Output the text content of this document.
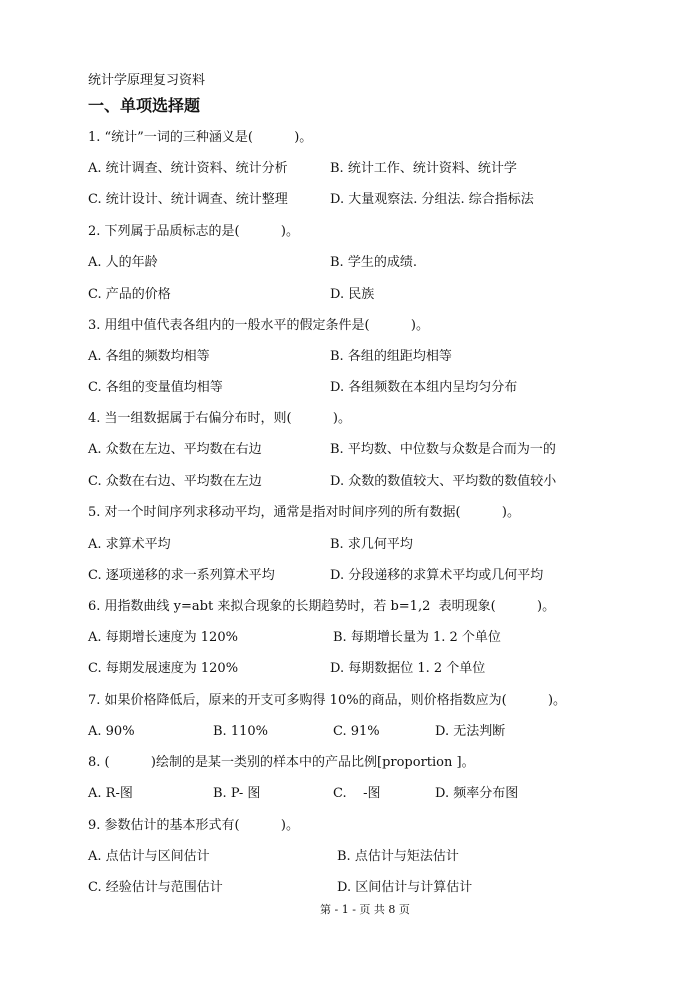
统计学原理复习资料
一、单项选择题
1. “统计”一词的三种涵义是(          )。
A. 统计调查、统计资料、统计分析	B. 统计工作、统计资料、统计学
C. 统计设计、统计调查、统计整理	D. 大量观察法. 分组法. 综合指标法
2. 下列属于品质标志的是(          )。
A. 人的年龄	B. 学生的成绩.
C. 产品的价格	D. 民族
3. 用组中值代表各组内的一般水平的假定条件是(          )。
A. 各组的频数均相等	B. 各组的组距均相等
C. 各组的变量值均相等	D. 各组频数在本组内呈均匀分布
4. 当一组数据属于右偏分布时，则(          )。
A. 众数在左边、平均数在右边	B. 平均数、中位数与众数是合而为一的
C. 众数在右边、平均数在左边	D. 众数的数值较大、平均数的数值较小
5. 对一个时间序列求移动平均，通常是指对时间序列的所有数据(          )。
A. 求算术平均	B. 求几何平均
C. 逐项递移的求一系列算术平均	D. 分段递移的求算术平均或几何平均
6. 用指数曲线 y=abt 来拟合现象的长期趋势时，若 b=1,2  表明现象(          )。
A. 每期增长速度为 120%	B. 每期增长量为 1. 2 个单位
C. 每期发展速度为 120%	D. 每期数据位 1. 2 个单位
7. 如果价格降低后，原来的开支可多购得 10%的商品，则价格指数应为(          )。
A. 90%	B. 110%	C. 91%	D. 无法判断
8. (          )绘制的是某一类别的样本中的产品比例[proportion ]。
A. R-图	B. P- 图	C.    -图	D. 频率分布图
9. 参数估计的基本形式有(          )。
A. 点估计与区间估计	B. 点估计与矩法估计
C. 经验估计与范围估计	D. 区间估计与计算估计
第 - 1 - 页 共 8 页
